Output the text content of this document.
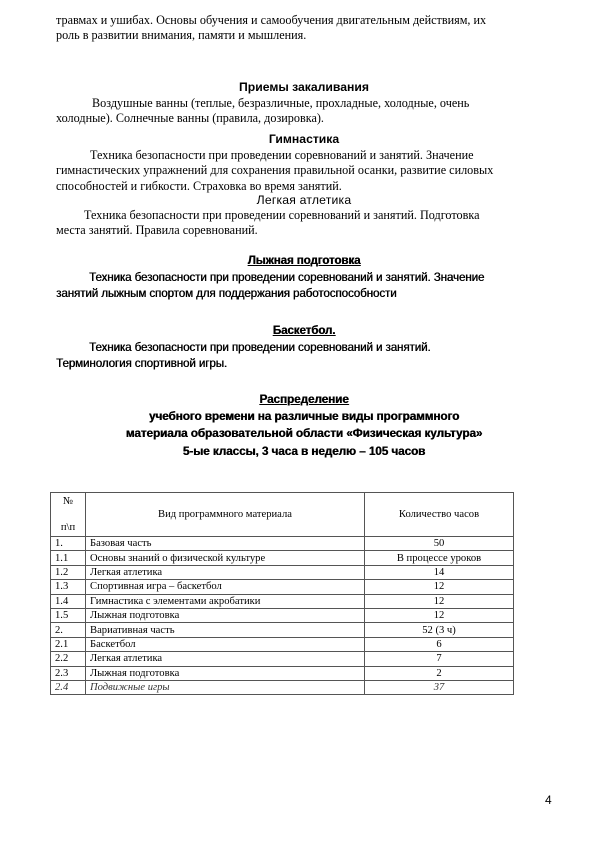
травмах и ушибах. Основы обучения и самообучения двигательным действиям, их
роль в развитии внимания, памяти и мышления.

Приемы закаливания

Воздушные ванны (теплые, безразличные, прохладные, холодные, очень
холодные). Солнечные ванны (правила, дозировка).

Гимнастика

Техника безопасности при проведении соревнований и занятий. Значение
гимнастических упражнений для сохранения правильной осанки, развитие силовых
способностей и гибкости. Страховка во время занятий.

Легкая атлетика

Техника безопасности при проведении соревнований и занятий. Подготовка
места занятий. Правила соревнований.

Лыжная подготовка

Техника безопасности при проведении соревнований и занятий. Значение
занятий лыжным спортом для поддержания работоспособности

Баскетбол.

Техника безопасности при проведении соревнований и занятий.
Терминология спортивной игры.

Распределение
учебного времени на различные виды программного
материала образовательной области «Физическая культура»
5-ые классы, 3 часа в неделю – 105 часов
№

п\п	Вид программного материала	Количество часов
1.	Базовая часть	50
1.1	Основы знаний о физической культуре	В процессе уроков
1.2	Легкая атлетика	14
1.3	Спортивная игра – баскетбол	12
1.4	Гимнастика с элементами акробатики	12
1.5	Лыжная подготовка	12
2.	Вариативная часть	52 (3 ч)
2.1	Баскетбол	6
2.2	Легкая атлетика	7
2.3	Лыжная подготовка	2
2.4	Подвижные игры	37
4
